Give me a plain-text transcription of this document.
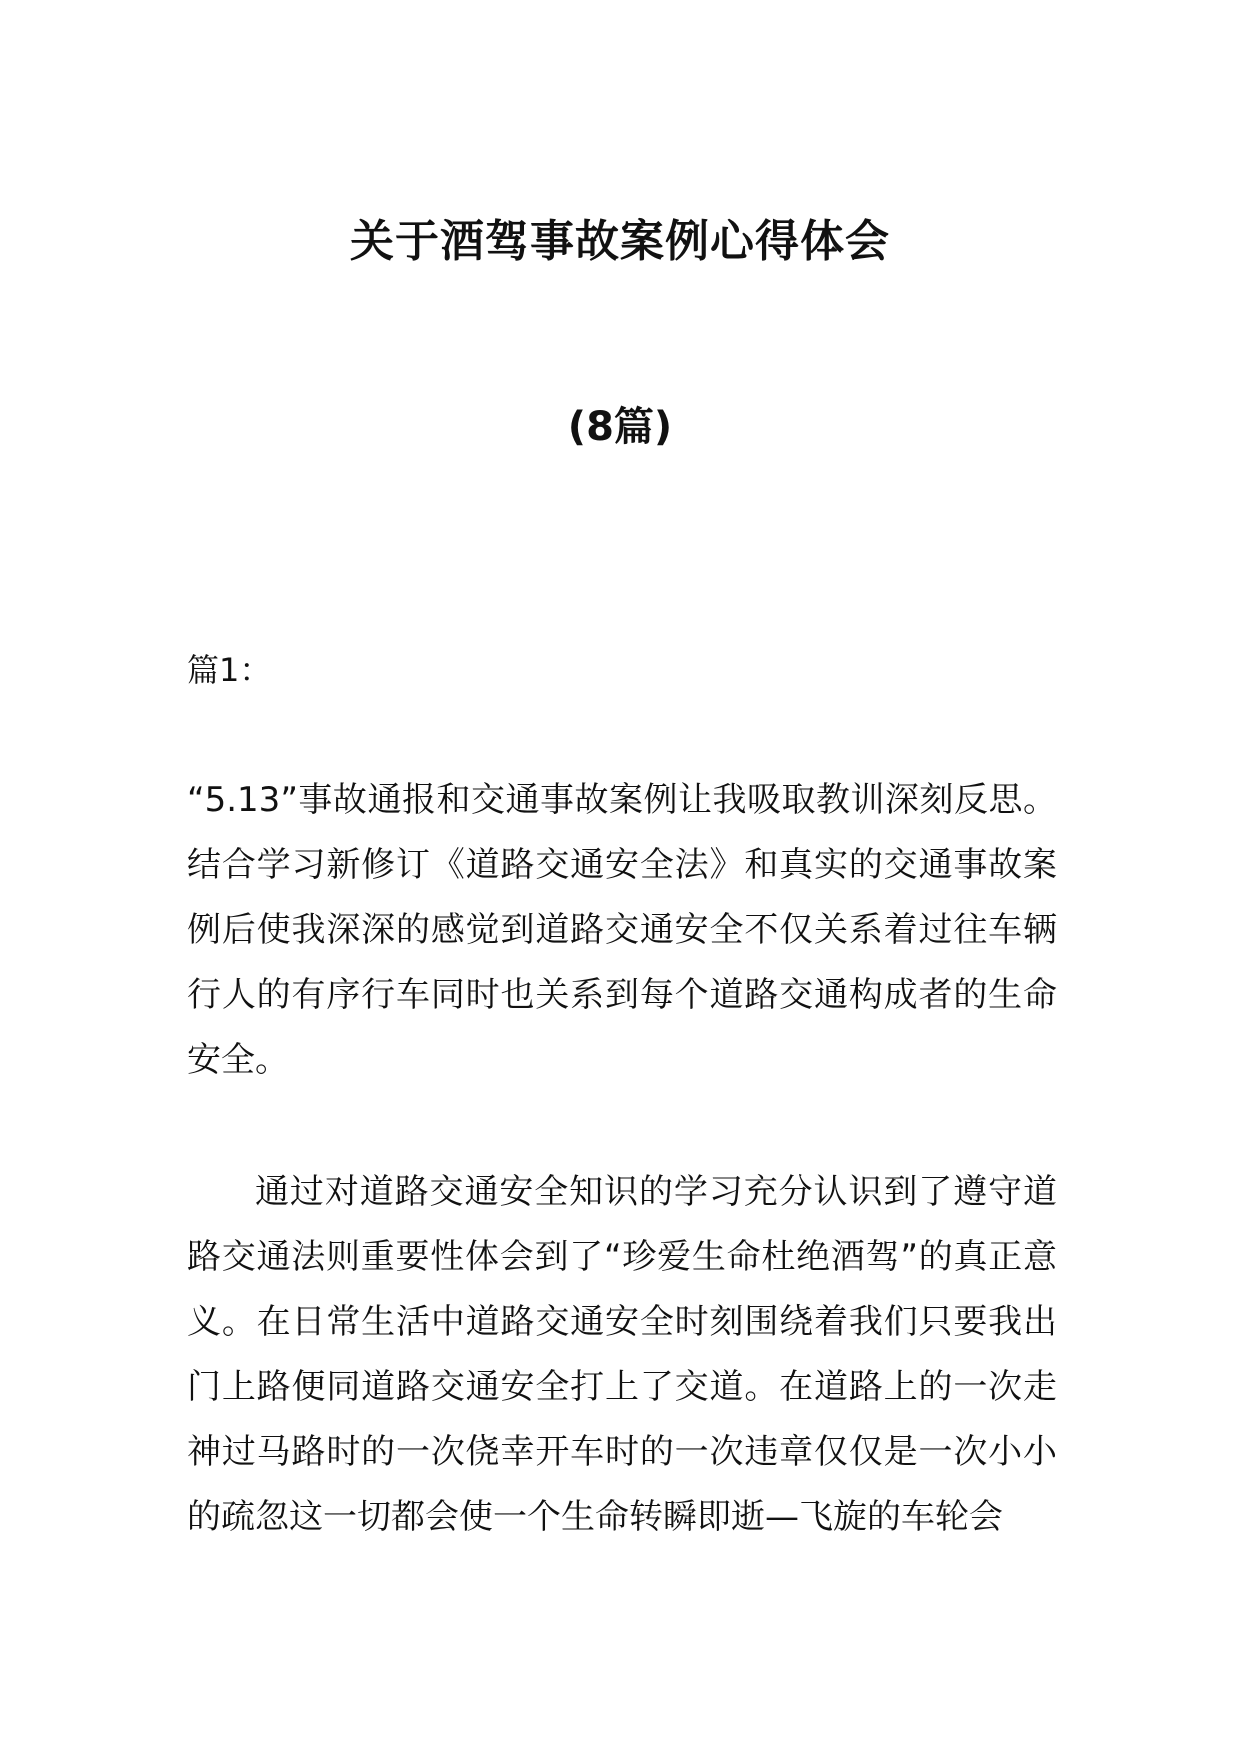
关于酒驾事故案例心得体会
(8篇)

篇1：

“5.13”事故通报和交通事故案例让我吸取教训深刻反思。结合学习新修订《道路交通安全法》和真实的交通事故案例后使我深深的感觉到道路交通安全不仅关系着过往车辆行人的有序行车同时也关系到每个道路交通构成者的生命安全。

通过对道路交通安全知识的学习充分认识到了遵守道路交通法则重要性体会到了“珍爱生命杜绝酒驾”的真正意义。在日常生活中道路交通安全时刻围绕着我们只要我出门上路便同道路交通安全打上了交道。在道路上的一次走神过马路时的一次侥幸开车时的一次违章仅仅是一次小小的疏忽这一切都会使一个生命转瞬即逝—飞旋的车轮会
